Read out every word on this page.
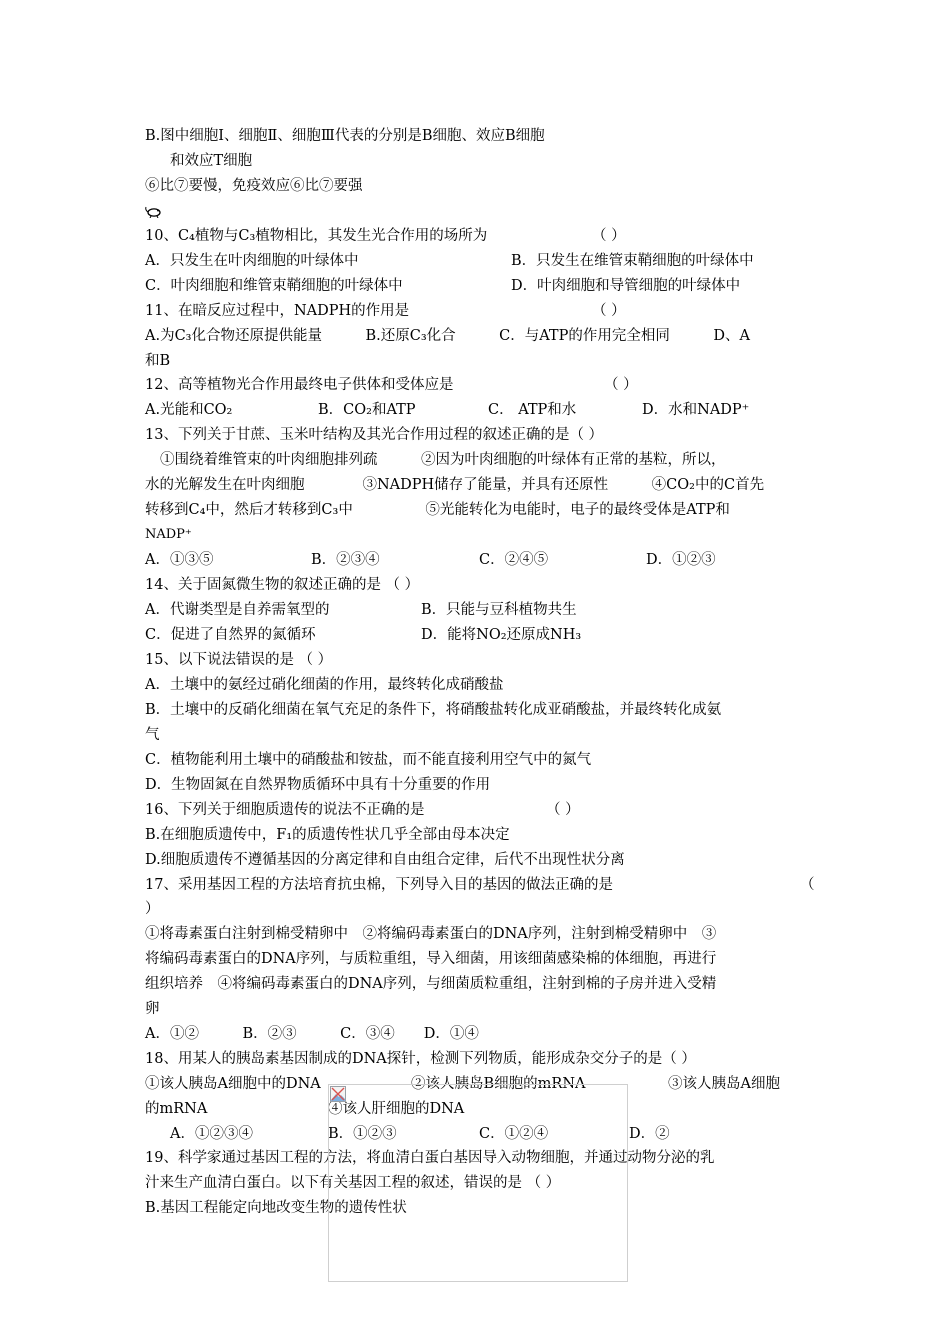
B.图中细胞Ⅰ、细胞Ⅱ、细胞Ⅲ代表的分别是B细胞、效应B细胞
和效应T细胞
⑥比⑦要慢，免疫效应⑥比⑦要强
10、C₄植物与C₃植物相比，其发生光合作用的场所为	（ ）
A．只发生在叶肉细胞的叶绿体中	B．只发生在维管束鞘细胞的叶绿体中
C．叶肉细胞和维管束鞘细胞的叶绿体中	D．叶肉细胞和导管细胞的叶绿体中
11、在暗反应过程中，NADPH的作用是	（ ）
A.为C₃化合物还原提供能量　　　B.还原C₃化合　　　C．与ATP的作用完全相同　　　D、A
和B
12、高等植物光合作用最终电子供体和受体应是	（ ）
A.光能和CO₂	B．CO₂和ATP	C． ATP和水	D．水和NADP⁺
13、下列关于甘蔗、玉米叶结构及其光合作用过程的叙述正确的是（ ）
①围绕着维管束的叶肉细胞排列疏　　　②因为叶肉细胞的叶绿体有正常的基粒，所以，
水的光解发生在叶肉细胞　　　　③NADPH储存了能量，并具有还原性　　　④CO₂中的C首先
转移到C₄中，然后才转移到C₃中　　　　　⑤光能转化为电能时，电子的最终受体是ATP和
NADP⁺
A．①③⑤	B．②③④	C．②④⑤	D．①②③
14、关于固氮微生物的叙述正确的是 （ ）
A．代谢类型是自养需氧型的	B．只能与豆科植物共生
C．促进了自然界的氮循环	D．能将NO₂还原成NH₃
15、以下说法错误的是 （ ）
A．土壤中的氨经过硝化细菌的作用，最终转化成硝酸盐
B．土壤中的反硝化细菌在氧气充足的条件下，将硝酸盐转化成亚硝酸盐，并最终转化成氨
气
C．植物能利用土壤中的硝酸盐和铵盐，而不能直接利用空气中的氮气
D．生物固氮在自然界物质循环中具有十分重要的作用
16、下列关于细胞质遗传的说法不正确的是	（ ）
B.在细胞质遗传中，F₁的质遗传性状几乎全部由母本决定
D.细胞质遗传不遵循基因的分离定律和自由组合定律，后代不出现性状分离
17、采用基因工程的方法培育抗虫棉，下列导入目的基因的做法正确的是	（
）
①将毒素蛋白注射到棉受精卵中　②将编码毒素蛋白的DNA序列，注射到棉受精卵中　③
将编码毒素蛋白的DNA序列，与质粒重组，导入细菌，用该细菌感染棉的体细胞，再进行
组织培养　④将编码毒素蛋白的DNA序列，与细菌质粒重组，注射到棉的子房并进入受精
卵
A．①②　　　B．②③　　　C．③④　　D．①④
18、用某人的胰岛素基因制成的DNA探针，检测下列物质，能形成杂交分子的是（ ）
①该人胰岛A细胞中的DNA	②该人胰岛B细胞的mRNA	③该人胰岛A细胞
的mRNA	④该人肝细胞的DNA
A．①②③④	B．①②③	C．①②④	D．②
19、科学家通过基因工程的方法，将血清白蛋白基因导入动物细胞，并通过动物分泌的乳
汁来生产血清白蛋白。以下有关基因工程的叙述，错误的是 （ ）
B.基因工程能定向地改变生物的遗传性状
